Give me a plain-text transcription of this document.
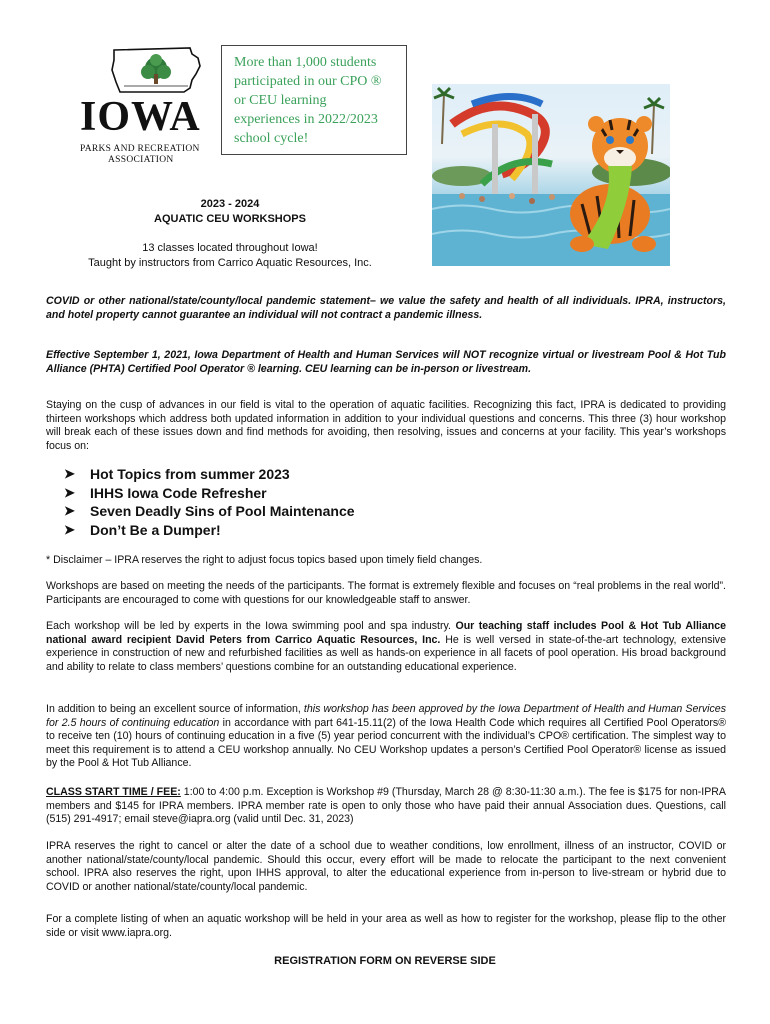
IOWA
PARKS AND RECREATION
ASSOCIATION
More than 1,000 students participated in our CPO ® or CEU learning experiences in 2022/2023 school cycle!
2023 - 2024
AQUATIC CEU WORKSHOPS
13 classes located throughout Iowa!
Taught by instructors from Carrico Aquatic Resources, Inc.

COVID or other national/state/county/local pandemic statement– we value the safety and health of all individuals. IPRA, instructors, and hotel property cannot guarantee an individual will not contract a pandemic illness.

Effective September 1, 2021, Iowa Department of Health and Human Services will NOT recognize virtual or livestream Pool & Hot Tub Alliance (PHTA) Certified Pool Operator ® learning. CEU learning can be in-person or livestream.

Staying on the cusp of advances in our field is vital to the operation of aquatic facilities. Recognizing this fact, IPRA is dedicated to providing thirteen workshops which address both updated information in addition to your individual questions and concerns. This three (3) hour workshop will break each of these issues down and find methods for avoiding, then resolving, issues and concerns at your facility. This year’s workshops focus on:

➤	Hot Topics from summer 2023
➤	IHHS Iowa Code Refresher
➤	Seven Deadly Sins of Pool Maintenance
➤	Don’t Be a Dumper!

* Disclaimer – IPRA reserves the right to adjust focus topics based upon timely field changes.

Workshops are based on meeting the needs of the participants. The format is extremely flexible and focuses on “real problems in the real world”. Participants are encouraged to come with questions for our knowledgeable staff to answer.

Each workshop will be led by experts in the Iowa swimming pool and spa industry. Our teaching staff includes Pool & Hot Tub Alliance national award recipient David Peters from Carrico Aquatic Resources, Inc. He is well versed in state-of-the-art technology, extensive experience in construction of new and refurbished facilities as well as hands-on experience in all facets of pool operation. His broad background and ability to relate to class members’ questions combine for an outstanding educational experience.

In addition to being an excellent source of information, this workshop has been approved by the Iowa Department of Health and Human Services for 2.5 hours of continuing education in accordance with part 641-15.11(2) of the Iowa Health Code which requires all Certified Pool Operators® to receive ten (10) hours of continuing education in a five (5) year period concurrent with the individual’s CPO® certification. The simplest way to meet this requirement is to attend a CEU workshop annually. No CEU Workshop updates a person’s Certified Pool Operator® license as issued by the Pool & Hot Tub Alliance.

CLASS START TIME / FEE: 1:00 to 4:00 p.m. Exception is Workshop #9 (Thursday, March 28 @ 8:30-11:30 a.m.). The fee is $175 for non-IPRA members and $145 for IPRA members. IPRA member rate is open to only those who have paid their annual Association dues. Questions, call (515) 291-4917; email steve@iapra.org (valid until Dec. 31, 2023)

IPRA reserves the right to cancel or alter the date of a school due to weather conditions, low enrollment, illness of an instructor, COVID or another national/state/county/local pandemic. Should this occur, every effort will be made to relocate the participant to the next convenient school. IPRA also reserves the right, upon IHHS approval, to alter the educational experience from in-person to live-stream or hybrid due to COVID or another national/state/county/local pandemic.

For a complete listing of when an aquatic workshop will be held in your area as well as how to register for the workshop, please flip to the other side or visit www.iapra.org.

REGISTRATION FORM ON REVERSE SIDE
